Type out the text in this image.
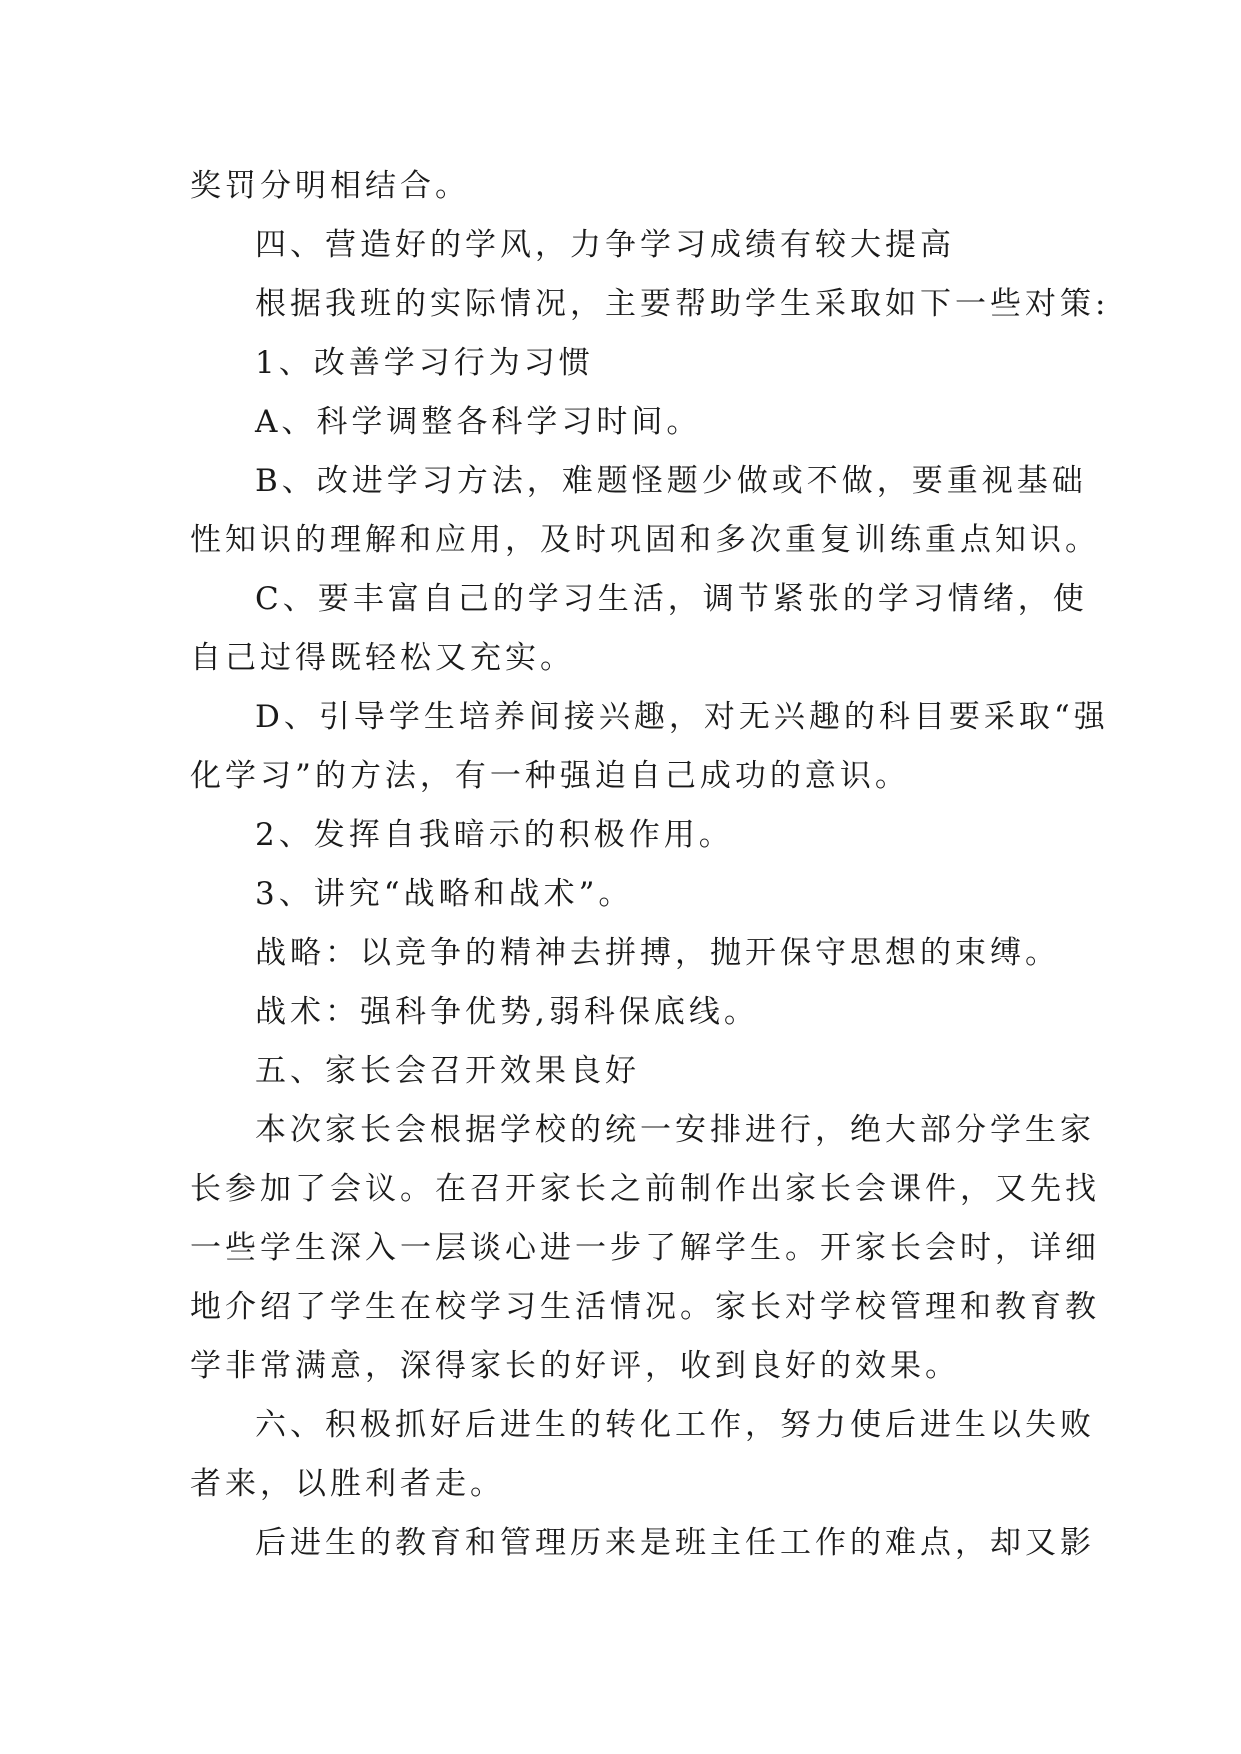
奖罚分明相结合。
四、营造好的学风，力争学习成绩有较大提高
根据我班的实际情况，主要帮助学生采取如下一些对策:
1、改善学习行为习惯
A、科学调整各科学习时间。
B、改进学习方法，难题怪题少做或不做，要重视基础
性知识的理解和应用，及时巩固和多次重复训练重点知识。
C、要丰富自己的学习生活，调节紧张的学习情绪，使
自己过得既轻松又充实。
D、引导学生培养间接兴趣，对无兴趣的科目要采取“强
化学习”的方法，有一种强迫自己成功的意识。
2、发挥自我暗示的积极作用。
3、讲究“战略和战术”。
战略：以竞争的精神去拼搏，抛开保守思想的束缚。
战术：强科争优势,弱科保底线。
五、家长会召开效果良好
本次家长会根据学校的统一安排进行，绝大部分学生家
长参加了会议。在召开家长之前制作出家长会课件，又先找
一些学生深入一层谈心进一步了解学生。开家长会时，详细
地介绍了学生在校学习生活情况。家长对学校管理和教育教
学非常满意，深得家长的好评，收到良好的效果。
六、积极抓好后进生的转化工作，努力使后进生以失败
者来，以胜利者走。
后进生的教育和管理历来是班主任工作的难点，却又影
